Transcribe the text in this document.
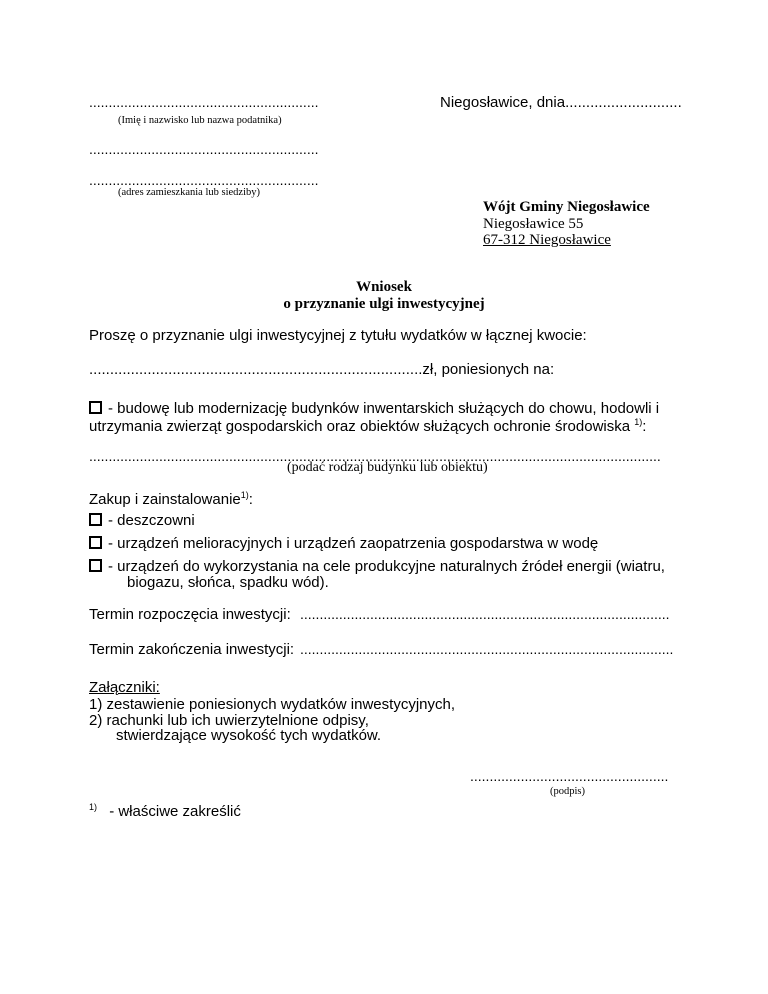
...........................................................
(Imię i nazwisko lub nazwa podatnika)
Niegosławice, dnia............................
...........................................................
...........................................................
(adres zamieszkania lub siedziby)
Wójt Gminy Niegosławice
Niegosławice 55
67-312 Niegosławice
Wniosek
o przyznanie ulgi inwestycyjnej
Proszę o przyznanie ulgi inwestycyjnej z tytułu wydatków w łącznej kwocie:
................................................................................zł, poniesionych na:
- budowę lub modernizację budynków inwentarskich służących do chowu, hodowli i
utrzymania zwierząt gospodarskich oraz obiektów służących ochronie środowiska $^{1)}$:
...................................................................................................................................................
(podać rodzaj budynku lub obiektu)
Zakup i zainstalowanie$^{1)}$:
- deszczowni
- urządzeń melioracyjnych i urządzeń zaopatrzenia gospodarstwa w wodę
- urządzeń do wykorzystania na cele produkcyjne naturalnych źródeł energii (wiatru,
biogazu, słońca, spadku wód).
Termin rozpoczęcia inwestycji: ...............................................................................................
Termin zakończenia inwestycji: ................................................................................................
Załączniki:
1) zestawienie poniesionych wydatków inwestycyjnych,
2) rachunki lub ich uwierzytelnione odpisy,
stwierdzające wysokość tych wydatków.
...................................................
(podpis)
$^{1)}$ - właściwe zakreślić
